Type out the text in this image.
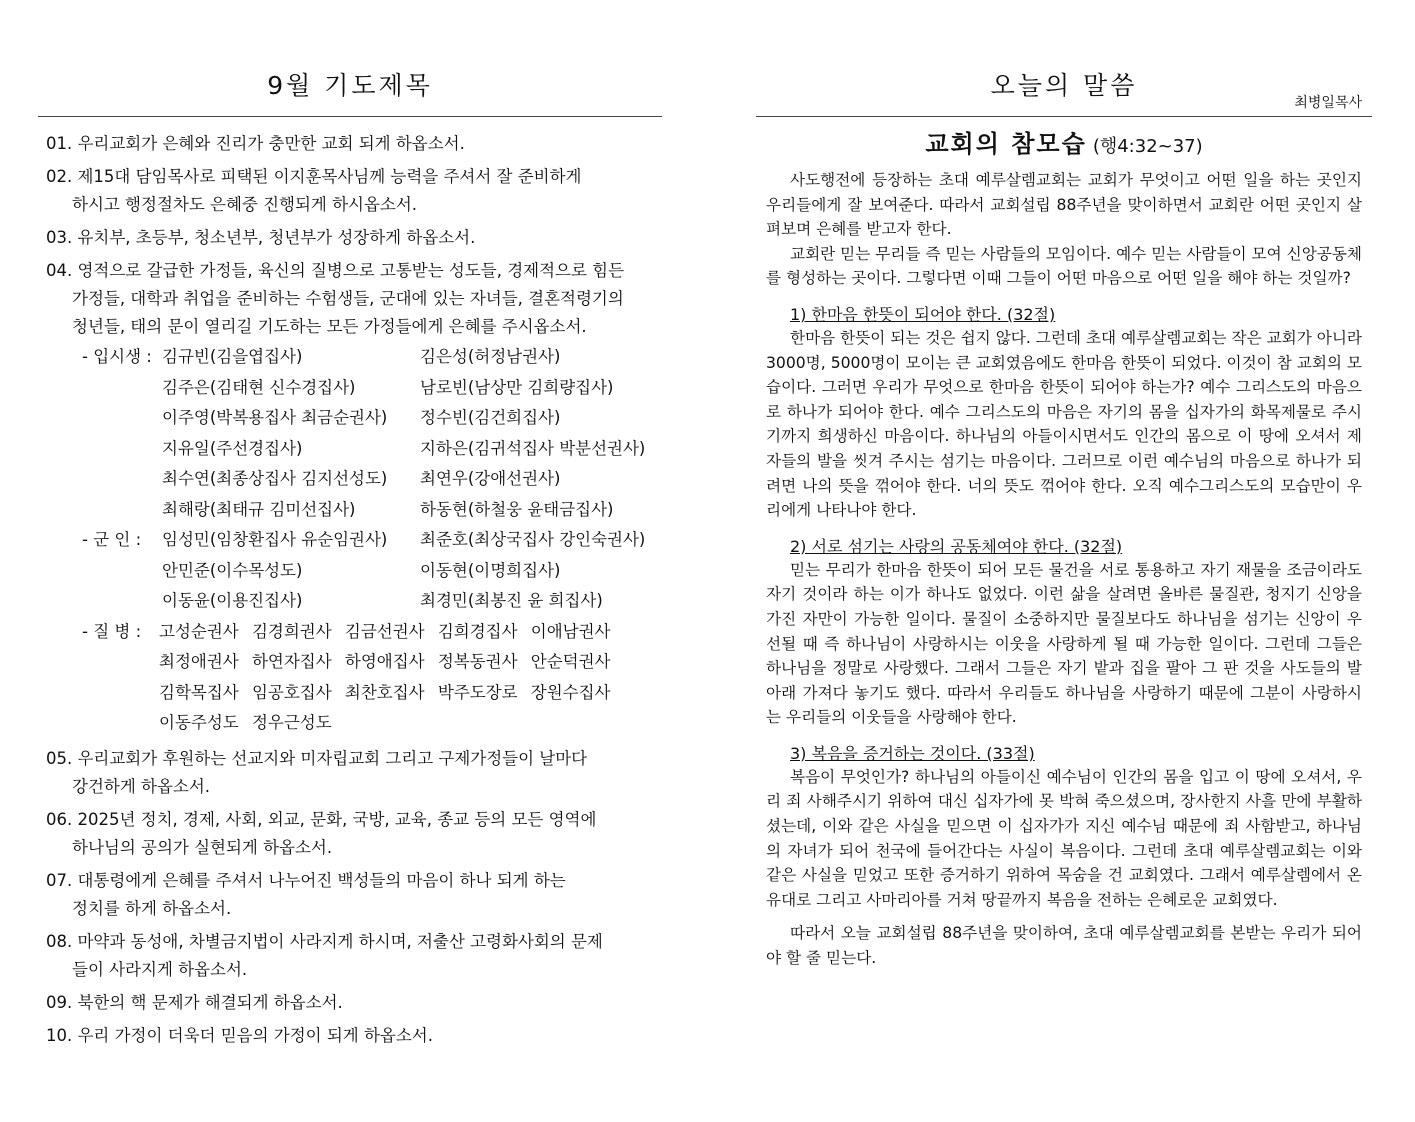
9월 기도제목
01. 우리교회가 은혜와 진리가 충만한 교회 되게 하옵소서.
02. 제15대 담임목사로 피택된 이지훈목사님께 능력을 주셔서 잘 준비하게
하시고 행정절차도 은혜중 진행되게 하시옵소서.
03. 유치부, 초등부, 청소년부, 청년부가 성장하게 하옵소서.
04. 영적으로 갈급한 가정들, 육신의 질병으로 고통받는 성도들, 경제적으로 힘든
가정들, 대학과 취업을 준비하는 수험생들, 군대에 있는 자녀들, 결혼적령기의
청년들, 태의 문이 열리길 기도하는 모든 가정들에게 은혜를 주시옵소서.
- 입시생 : 김규빈(김을엽집사)	김은성(허정남권사)
김주은(김태현 신수경집사)	남로빈(남상만 김희량집사)
이주영(박복용집사 최금순권사) 정수빈(김건희집사)
지유일(주선경집사)	지하은(김귀석집사 박분선권사)
최수연(최종상집사 김지선성도) 최연우(강애선권사)
최해랑(최태규 김미선집사)	하동현(하철웅 윤태금집사)
- 군 인 : 임성민(임창환집사 유순임권사) 최준호(최상국집사 강인숙권사)
안민준(이수목성도)	이동현(이명희집사)
이동윤(이용진집사)	최경민(최봉진 윤 희집사)
- 질 병 : 고성순권사 김경희권사 김금선권사 김희경집사 이애남권사
최정애권사 하연자집사 하영애집사 정복동권사 안순덕권사
김학목집사 임공호집사 최찬호집사 박주도장로 장원수집사
이동주성도 정우근성도
05. 우리교회가 후원하는 선교지와 미자립교회 그리고 구제가정들이 날마다
강건하게 하옵소서.
06. 2025년 정치, 경제, 사회, 외교, 문화, 국방, 교육, 종교 등의 모든 영역에
하나님의 공의가 실현되게 하옵소서.
07. 대통령에게 은혜를 주셔서 나누어진 백성들의 마음이 하나 되게 하는
정치를 하게 하옵소서.
08. 마약과 동성애, 차별금지법이 사라지게 하시며, 저출산 고령화사회의 문제
들이 사라지게 하옵소서.
09. 북한의 핵 문제가 해결되게 하옵소서.
10. 우리 가정이 더욱더 믿음의 가정이 되게 하옵소서.
오늘의 말씀
최병일목사
교회의 참모습 (행4:32~37)

사도행전에 등장하는 초대 예루살렘교회는 교회가 무엇이고 어떤 일을 하는 곳인지 우리들에게 잘 보여준다. 따라서 교회설립 88주년을 맞이하면서 교회란 어떤 곳인지 살펴보며 은혜를 받고자 한다.

교회란 믿는 무리들 즉 믿는 사람들의 모임이다. 예수 믿는 사람들이 모여 신앙공동체를 형성하는 곳이다. 그렇다면 이때 그들이 어떤 마음으로 어떤 일을 해야 하는 것일까?

1) 한마음 한뜻이 되어야 한다. (32절)

한마음 한뜻이 되는 것은 쉽지 않다. 그런데 초대 예루살렘교회는 작은 교회가 아니라 3000명, 5000명이 모이는 큰 교회였음에도 한마음 한뜻이 되었다. 이것이 참 교회의 모습이다. 그러면 우리가 무엇으로 한마음 한뜻이 되어야 하는가? 예수 그리스도의 마음으로 하나가 되어야 한다. 예수 그리스도의 마음은 자기의 몸을 십자가의 화목제물로 주시기까지 희생하신 마음이다. 하나님의 아들이시면서도 인간의 몸으로 이 땅에 오셔서 제자들의 발을 씻겨 주시는 섬기는 마음이다. 그러므로 이런 예수님의 마음으로 하나가 되려면 나의 뜻을 꺾어야 한다. 너의 뜻도 꺾어야 한다. 오직 예수그리스도의 모습만이 우리에게 나타나야 한다.

2) 서로 섬기는 사랑의 공동체여야 한다. (32절)

믿는 무리가 한마음 한뜻이 되어 모든 물건을 서로 통용하고 자기 재물을 조금이라도 자기 것이라 하는 이가 하나도 없었다. 이런 삶을 살려면 올바른 물질관, 청지기 신앙을 가진 자만이 가능한 일이다. 물질이 소중하지만 물질보다도 하나님을 섬기는 신앙이 우선될 때 즉 하나님이 사랑하시는 이웃을 사랑하게 될 때 가능한 일이다. 그런데 그들은 하나님을 정말로 사랑했다. 그래서 그들은 자기 밭과 집을 팔아 그 판 것을 사도들의 발아래 가져다 놓기도 했다. 따라서 우리들도 하나님을 사랑하기 때문에 그분이 사랑하시는 우리들의 이웃들을 사랑해야 한다.

3) 복음을 증거하는 것이다. (33절)

복음이 무엇인가? 하나님의 아들이신 예수님이 인간의 몸을 입고 이 땅에 오셔서, 우리 죄 사해주시기 위하여 대신 십자가에 못 박혀 죽으셨으며, 장사한지 사흘 만에 부활하셨는데, 이와 같은 사실을 믿으면 이 십자가가 지신 예수님 때문에 죄 사함받고, 하나님의 자녀가 되어 천국에 들어간다는 사실이 복음이다. 그런데 초대 예루살렘교회는 이와 같은 사실을 믿었고 또한 증거하기 위하여 목숨을 건 교회였다. 그래서 예루살렘에서 온 유대로 그리고 사마리아를 거쳐 땅끝까지 복음을 전하는 은혜로운 교회였다.

따라서 오늘 교회설립 88주년을 맞이하여, 초대 예루살렘교회를 본받는 우리가 되어야 할 줄 믿는다.
